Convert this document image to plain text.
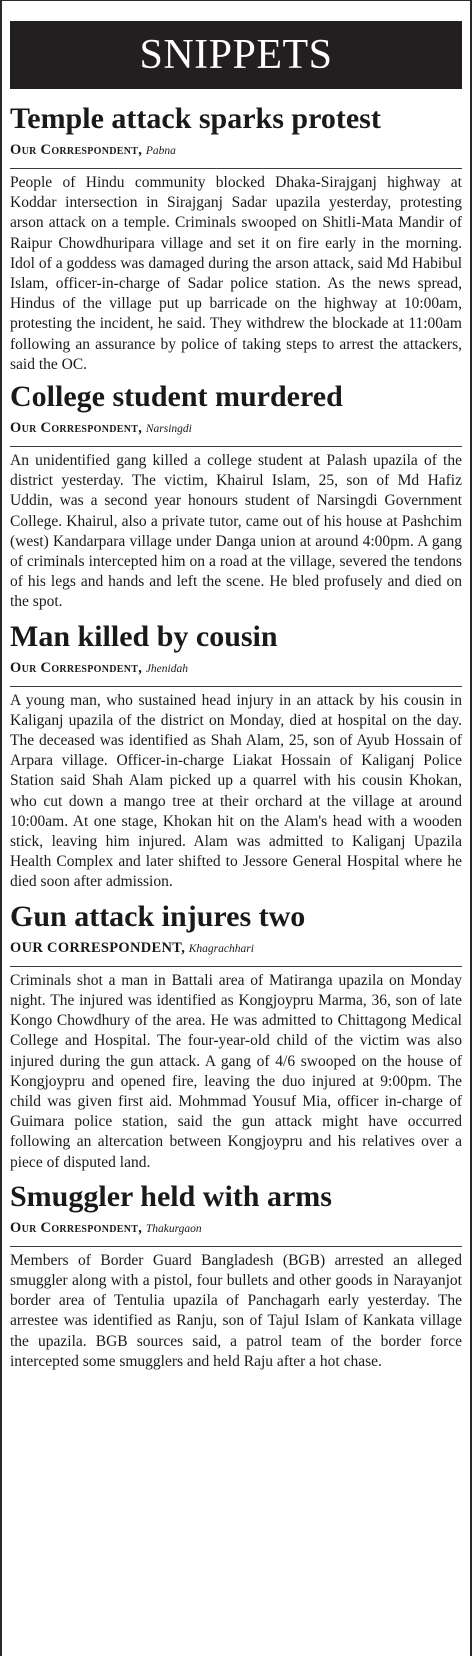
SNIPPETS
Temple attack sparks protest
Our Correspondent, Pabna

People of Hindu community blocked Dhaka-Sirajganj highway at Koddar intersection in Sirajganj Sadar upazila yesterday, protesting arson attack on a temple. Criminals swooped on Shitli-Mata Mandir of Raipur Chowdhuripara village and set it on fire early in the morning. Idol of a goddess was damaged during the arson attack, said Md Habibul Islam, officer-in-charge of Sadar police station. As the news spread, Hindus of the village put up barricade on the highway at 10:00am, protesting the incident, he said. They withdrew the blockade at 11:00am following an assurance by police of taking steps to arrest the attackers, said the OC.

College student murdered
Our Correspondent, Narsingdi

An unidentified gang killed a college student at Palash upazila of the district yesterday. The victim, Khairul Islam, 25, son of Md Hafiz Uddin, was a second year honours student of Narsingdi Government College. Khairul, also a private tutor, came out of his house at Pashchim (west) Kandarpara village under Danga union at around 4:00pm. A gang of criminals intercepted him on a road at the village, severed the tendons of his legs and hands and left the scene. He bled profusely and died on the spot.

Man killed by cousin
Our Correspondent, Jhenidah

A young man, who sustained head injury in an attack by his cousin in Kaliganj upazila of the district on Monday, died at hospital on the day. The deceased was identified as Shah Alam, 25, son of Ayub Hossain of Arpara village. Officer-in-charge Liakat Hossain of Kaliganj Police Station said Shah Alam picked up a quarrel with his cousin Khokan, who cut down a mango tree at their orchard at the village at around 10:00am. At one stage, Khokan hit on the Alam's head with a wooden stick, leaving him injured. Alam was admitted to Kaliganj Upazila Health Complex and later shifted to Jessore General Hospital where he died soon after admission.

Gun attack injures two
OUR CORRESPONDENT, Khagrachhari

Criminals shot a man in Battali area of Matiranga upazila on Monday night. The injured was identified as Kongjoypru Marma, 36, son of late Kongo Chowdhury of the area. He was admitted to Chittagong Medical College and Hospital. The four-year-old child of the victim was also injured during the gun attack. A gang of 4/6 swooped on the house of Kongjoypru and opened fire, leaving the duo injured at 9:00pm. The child was given first aid. Mohmmad Yousuf Mia, officer in-charge of Guimara police station, said the gun attack might have occurred following an altercation between Kongjoypru and his relatives over a piece of disputed land.

Smuggler held with arms
Our Correspondent, Thakurgaon

Members of Border Guard Bangladesh (BGB) arrested an alleged smuggler along with a pistol, four bullets and other goods in Narayanjot border area of Tentulia upazila of Panchagarh early yesterday. The arrestee was identified as Ranju, son of Tajul Islam of Kankata village the upazila. BGB sources said, a patrol team of the border force intercepted some smugglers and held Raju after a hot chase.
